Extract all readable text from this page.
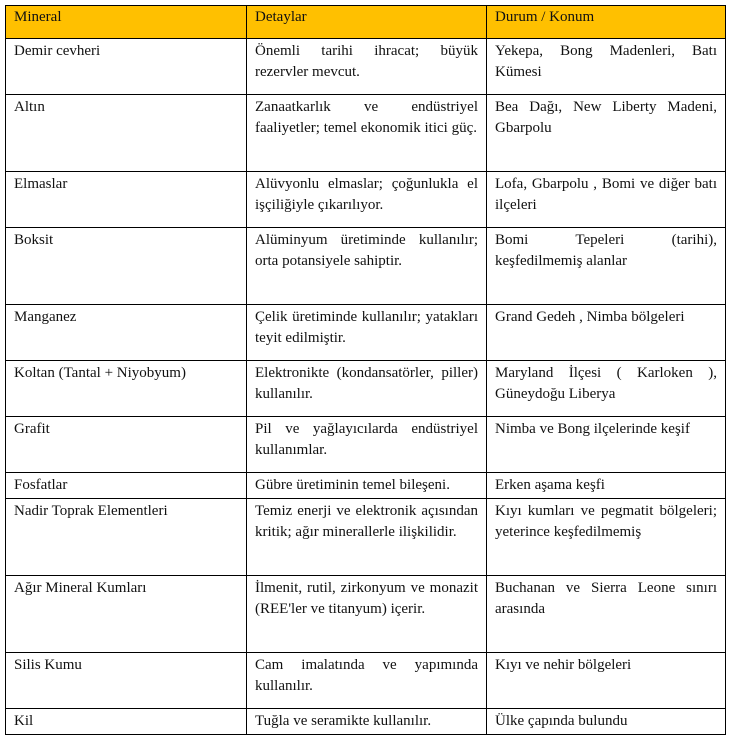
Mineral	Detaylar	Durum / Konum
Demir cevheri	Önemli tarihi ihracat; büyük rezervler mevcut.	Yekepa, Bong Madenleri, Batı Kümesi
Altın	Zanaatkarlık ve endüstriyel faaliyetler; temel ekonomik itici güç.	Bea Dağı, New Liberty Madeni, Gbarpolu
Elmaslar	Alüvyonlu elmaslar; çoğunlukla el işçiliğiyle çıkarılıyor.	Lofa, Gbarpolu , Bomi ve diğer batı ilçeleri
Boksit	Alüminyum üretiminde kullanılır; orta potansiyele sahiptir.	Bomi Tepeleri (tarihi), keşfedilmemiş alanlar
Manganez	Çelik üretiminde kullanılır; yatakları teyit edilmiştir.	Grand Gedeh , Nimba bölgeleri
Koltan (Tantal + Niyobyum)	Elektronikte (kondansatörler, piller) kullanılır.	Maryland İlçesi ( Karloken ), Güneydoğu Liberya
Grafit	Pil ve yağlayıcılarda endüstriyel kullanımlar.	Nimba ve Bong ilçelerinde keşif
Fosfatlar	Gübre üretiminin temel bileşeni.	Erken aşama keşfi
Nadir Toprak Elementleri	Temiz enerji ve elektronik açısından kritik; ağır minerallerle ilişkilidir.	Kıyı kumları ve pegmatit bölgeleri; yeterince keşfedilmemiş
Ağır Mineral Kumları	İlmenit, rutil, zirkonyum ve monazit (REE'ler ve titanyum) içerir.	Buchanan ve Sierra Leone sınırı arasında
Silis Kumu	Cam imalatında ve yapımında kullanılır.	Kıyı ve nehir bölgeleri
Kil	Tuğla ve seramikte kullanılır.	Ülke çapında bulundu
